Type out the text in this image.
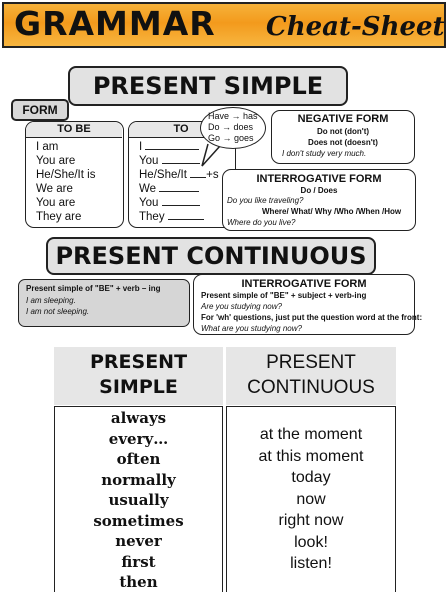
GRAMMAR Cheat-Sheet
PRESENT SIMPLE
FORM
TO BE
I am
You are
He/She/It is
We are
You are
They are
TO
I
You
He/She/It +s
We
You
They
Have → has
Do → does
Go → goes
NEGATIVE FORM
Do not (don't)
Does not (doesn't)
I don't study very much.
INTERROGATIVE FORM
Do / Does
Do you like traveling?
Where/ What/ Why /Who /When /How
Where do you live?
PRESENT CONTINUOUS
Present simple of "BE" + verb – ing
I am sleeping.
I am not sleeping.
INTERROGATIVE FORM
Present simple of "BE" + subject + verb-ing
Are you studying now?
For 'wh' questions, just put the question word at the front:
What are you studying now?
PRESENT
SIMPLE
PRESENT
CONTINUOUS
always
every…
often
normally
usually
sometimes
never
first
then
at the moment
at this moment
today
now
right now
look!
listen!
